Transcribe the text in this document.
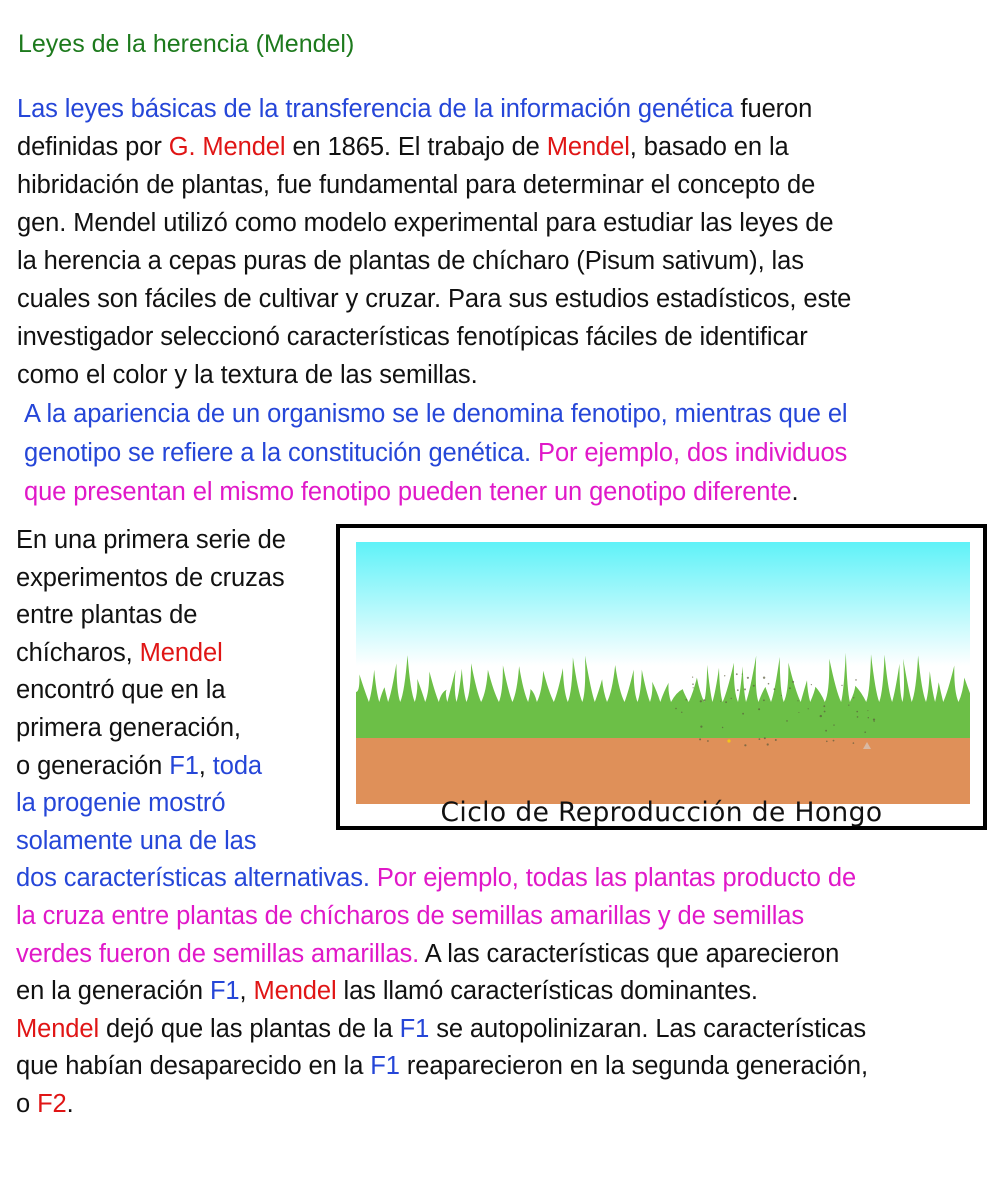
Leyes de la herencia (Mendel)
Las leyes básicas de la transferencia de la información genética fueron
definidas por G. Mendel en 1865. El trabajo de Mendel, basado en la
hibridación de plantas, fue fundamental para determinar el concepto de
gen. Mendel utilizó como modelo experimental para estudiar las leyes de
la herencia a cepas puras de plantas de chícharo (Pisum sativum), las
cuales son fáciles de cultivar y cruzar. Para sus estudios estadísticos, este
investigador seleccionó características fenotípicas fáciles de identificar
como el color y la textura de las semillas.
A la apariencia de un organismo se le denomina fenotipo, mientras que el
genotipo se refiere a la constitución genética. Por ejemplo, dos individuos
que presentan el mismo fenotipo pueden tener un genotipo diferente.
En una primera serie de
experimentos de cruzas
entre plantas de
chícharos, Mendel
encontró que en la
primera generación,
o generación F1, toda
la progenie mostró
solamente una de las
dos características alternativas. Por ejemplo, todas las plantas producto de
la cruza entre plantas de chícharos de semillas amarillas y de semillas
verdes fueron de semillas amarillas. A las características que aparecieron
en la generación F1, Mendel las llamó características dominantes.
Mendel dejó que las plantas de la F1 se autopolinizaran. Las características
que habían desaparecido en la F1 reaparecieron en la segunda generación,
o F2.
Ciclo de Reproducción de Hongo
